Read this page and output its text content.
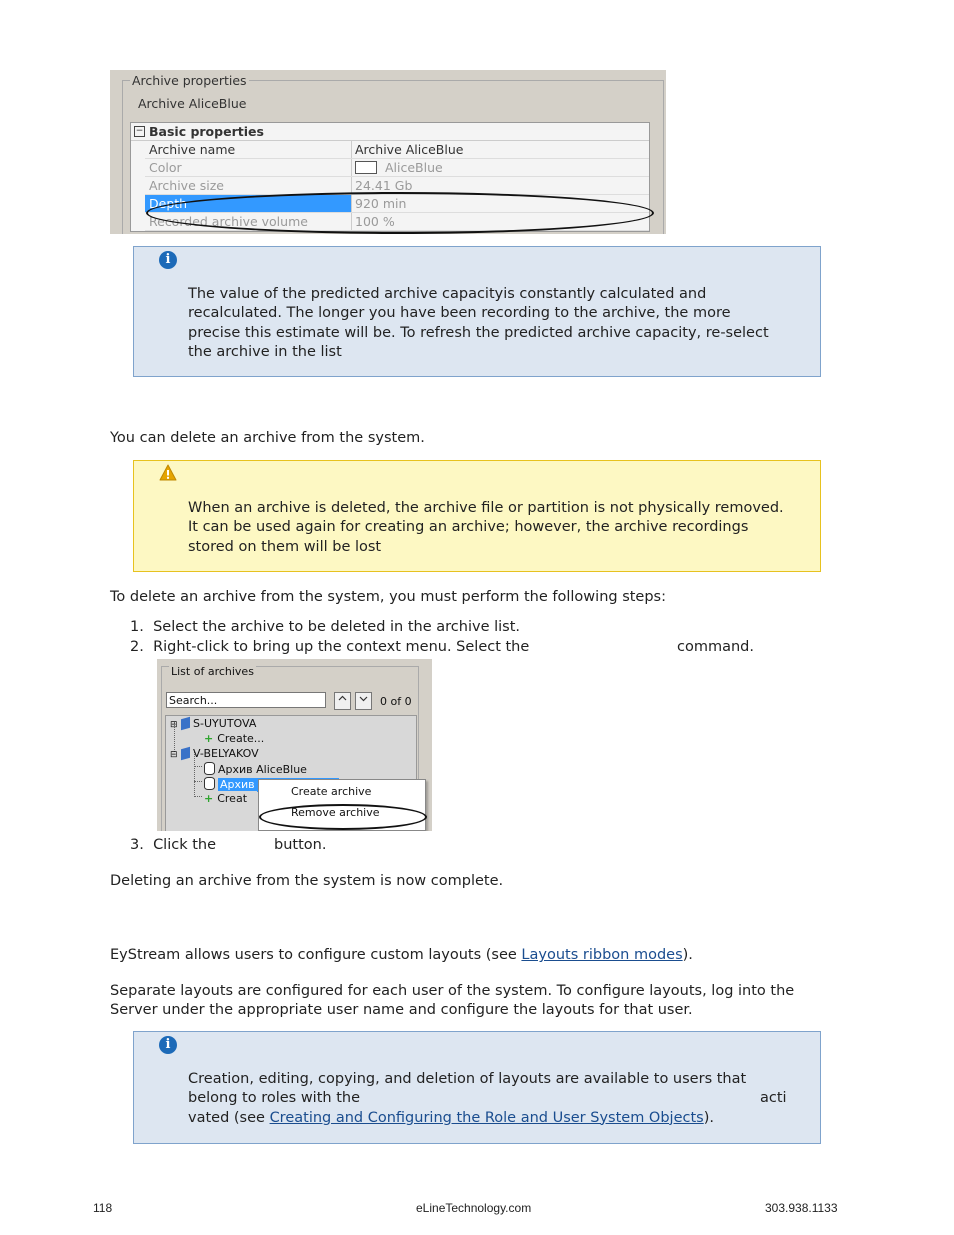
Archive properties
Archive AliceBlue
− Basic properties
Archive name	Archive AliceBlue
Color	AliceBlue
Archive size	24.41 Gb
Depth	920 min
Recorded archive volume	100 %
i
The value of the predicted archive capacityis constantly calculated and
recalculated. The longer you have been recording to the archive, the more
precise this estimate will be. To refresh the predicted archive capacity, re-select
the archive in the list
You can delete an archive from the system.
When an archive is deleted, the archive file or partition is not physically removed.
It can be used again for creating an archive; however, the archive recordings
stored on them will be lost
To delete an archive from the system, you must perform the following steps:
1. Select the archive to be deleted in the archive list.
2. Right-click to bring up the context menu. Select the	command.
List of archives
Search...	0 of 0
⊟ S-UYUTOVA
+ Create...
⊟ V-BELYAKOV
Архив AliceBlue
Архив
+ Creat
Create archive
Remove archive
3. Click the	button.
Deleting an archive from the system is now complete.
EyStream allows users to configure custom layouts (see Layouts ribbon modes).
Separate layouts are configured for each user of the system. To configure layouts, log into the
Server under the appropriate user name and configure the layouts for that user.
i
Creation, editing, copying, and deletion of layouts are available to users that
belong to roles with the	acti
vated (see Creating and Configuring the Role and User System Objects).
118	eLineTechnology.com	303.938.1133
